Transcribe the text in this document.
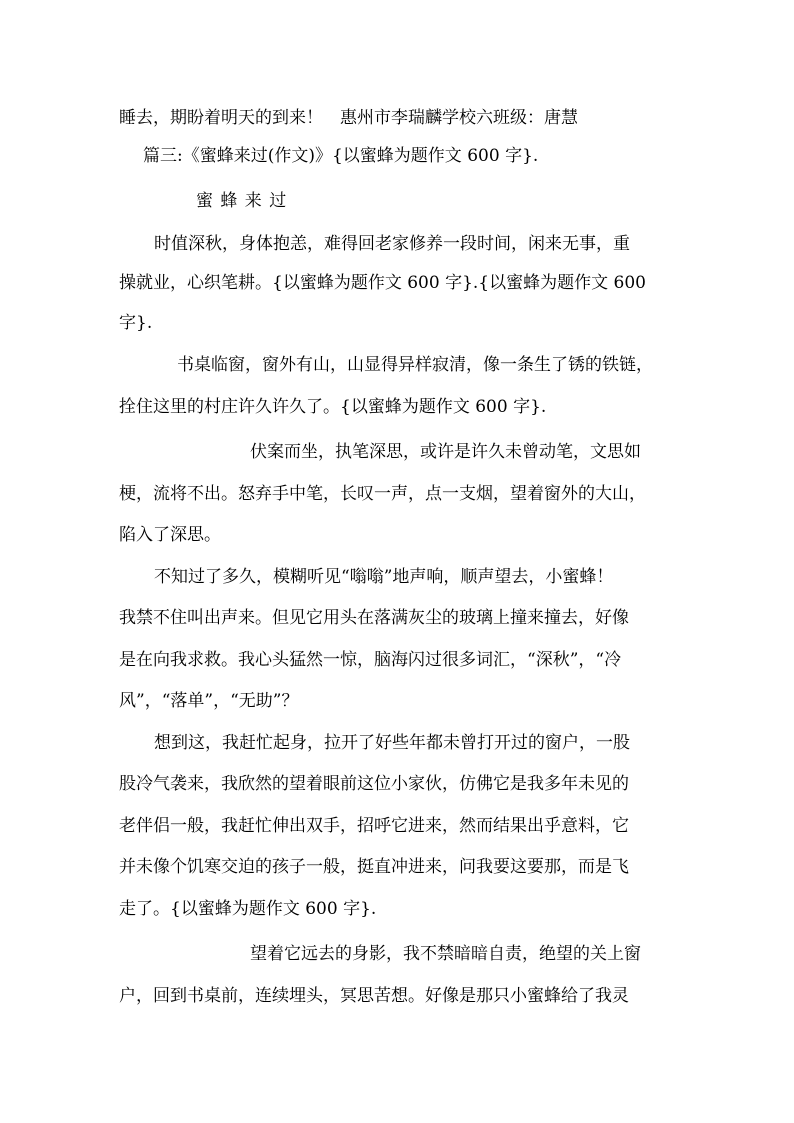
睡去，期盼着明天的到来！　惠州市李瑞麟学校六班级：唐慧
篇三:《蜜蜂来过(作文)》{以蜜蜂为题作文 600 字}.
蜜 蜂 来 过
时值深秋，身体抱恙，难得回老家修养一段时间，闲来无事，重
操就业，心织笔耕。{以蜜蜂为题作文 600 字}.{以蜜蜂为题作文 600
字}.
书桌临窗，窗外有山，山显得异样寂清，像一条生了锈的铁链，
拴住这里的村庄许久许久了。{以蜜蜂为题作文 600 字}.
伏案而坐，执笔深思，或许是许久未曾动笔，文思如
梗，流将不出。怒弃手中笔，长叹一声，点一支烟，望着窗外的大山，
陷入了深思。
不知过了多久，模糊听见“嗡嗡”地声响，顺声望去，小蜜蜂！
我禁不住叫出声来。但见它用头在落满灰尘的玻璃上撞来撞去，好像
是在向我求救。我心头猛然一惊，脑海闪过很多词汇，“深秋”，“冷
风”，“落单”，“无助”？
想到这，我赶忙起身，拉开了好些年都未曾打开过的窗户，一股
股冷气袭来，我欣然的望着眼前这位小家伙，仿佛它是我多年未见的
老伴侣一般，我赶忙伸出双手，招呼它进来，然而结果出乎意料，它
并未像个饥寒交迫的孩子一般，挺直冲进来，问我要这要那，而是飞
走了。{以蜜蜂为题作文 600 字}.
望着它远去的身影，我不禁暗暗自责，绝望的关上窗
户，回到书桌前，连续埋头，冥思苦想。好像是那只小蜜蜂给了我灵
